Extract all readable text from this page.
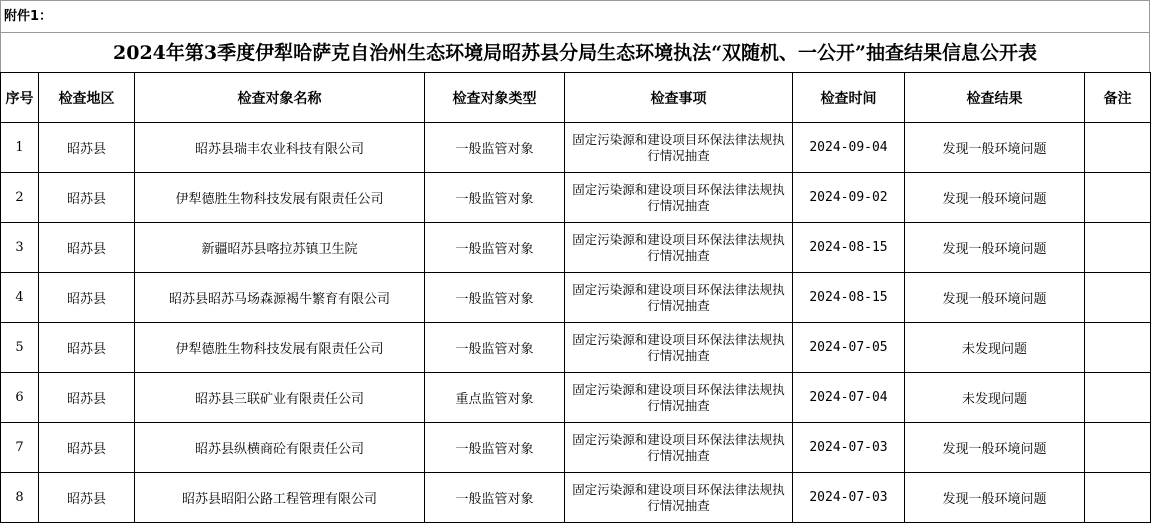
附件1：
2024年第3季度伊犁哈萨克自治州生态环境局昭苏县分局生态环境执法“双随机、一公开”抽查结果信息公开表
序号	检查地区	检查对象名称	检查对象类型	检查事项	检查时间	检查结果	备注
1	昭苏县	昭苏县瑞丰农业科技有限公司	一般监管对象	固定污染源和建设项目环保法律法规执行情况抽查	2024-09-04	发现一般环境问题	
2	昭苏县	伊犁德胜生物科技发展有限责任公司	一般监管对象	固定污染源和建设项目环保法律法规执行情况抽查	2024-09-02	发现一般环境问题	
3	昭苏县	新疆昭苏县喀拉苏镇卫生院	一般监管对象	固定污染源和建设项目环保法律法规执行情况抽查	2024-08-15	发现一般环境问题	
4	昭苏县	昭苏县昭苏马场森源褐牛繁育有限公司	一般监管对象	固定污染源和建设项目环保法律法规执行情况抽查	2024-08-15	发现一般环境问题	
5	昭苏县	伊犁德胜生物科技发展有限责任公司	一般监管对象	固定污染源和建设项目环保法律法规执行情况抽查	2024-07-05	未发现问题	
6	昭苏县	昭苏县三联矿业有限责任公司	重点监管对象	固定污染源和建设项目环保法律法规执行情况抽查	2024-07-04	未发现问题	
7	昭苏县	昭苏县纵横商砼有限责任公司	一般监管对象	固定污染源和建设项目环保法律法规执行情况抽查	2024-07-03	发现一般环境问题	
8	昭苏县	昭苏县昭阳公路工程管理有限公司	一般监管对象	固定污染源和建设项目环保法律法规执行情况抽查	2024-07-03	发现一般环境问题	
